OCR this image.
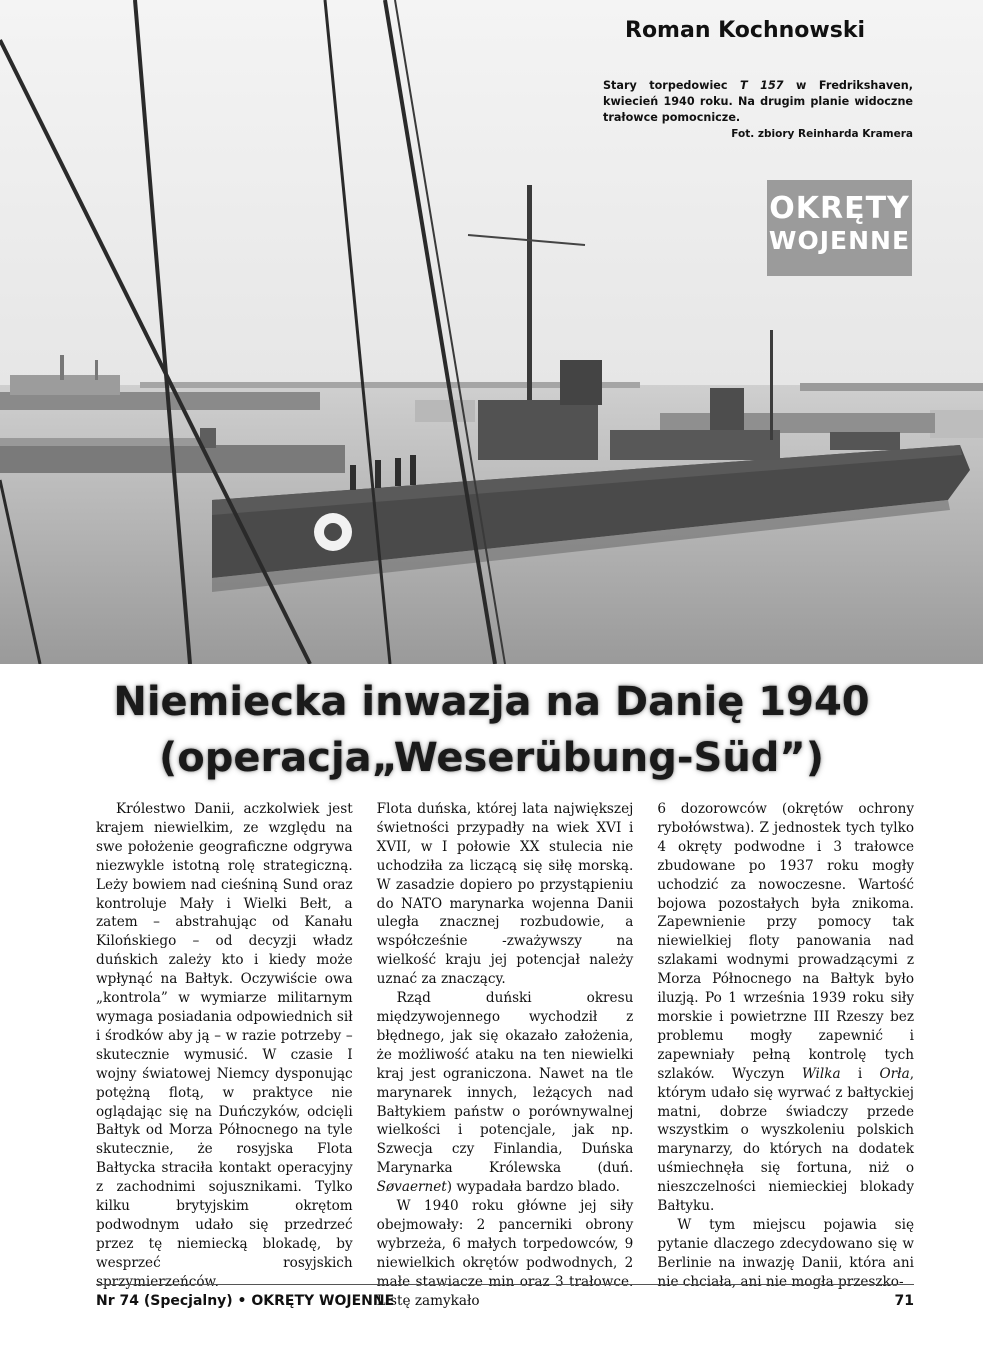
Roman Kochnowski
Stary torpedowiec T 157 w Fredrikshaven, kwiecień 1940 roku. Na drugim planie widoczne trałowce pomocnicze.
Fot. zbiory Reinharda Kramera
OKRĘTY
WOJENNE
Niemiecka inwazja na Danię 1940
(operacja„Weserübung-Süd”)

Królestwo Danii, aczkolwiek jest krajem niewielkim, ze względu na swe położenie geograficzne odgrywa niezwykle istotną rolę strategiczną. Leży bowiem nad cieśniną Sund oraz kontroluje Mały i Wielki Bełt, a zatem – abstrahując od Kanału Kilońskiego – od decyzji władz duńskich zależy kto i kiedy może wpłynąć na Bałtyk. Oczywiście owa „kontrola” w wymiarze militarnym wymaga posiadania odpowiednich sił i środków aby ją – w razie potrzeby – skutecznie wymusić. W czasie I wojny światowej Niemcy dysponując potężną flotą, w praktyce nie oglądając się na Duńczyków, odcięli Bałtyk od Morza Północnego na tyle skutecznie, że rosyjska Flota Bałtycka straciła kontakt operacyjny z zachodnimi sojusznikami. Tylko kilku brytyjskim okrętom podwodnym udało się przedrzeć przez tę niemiecką blokadę, by wesprzeć rosyjskich sprzymierzeńców.

Flota duńska, której lata największej świetności przypadły na wiek XVI i XVII, w I połowie XX stulecia nie uchodziła za liczącą się siłę morską. W zasadzie dopiero po przystąpieniu do NATO marynarka wojenna Danii uległa znacznej rozbudowie, a współcześnie -zważywszy na wielkość kraju jej potencjał należy uznać za znaczący.

Rząd duński okresu międzywojennego wychodził z błędnego, jak się okazało założenia, że możliwość ataku na ten niewielki kraj jest ograniczona. Nawet na tle marynarek innych, leżących nad Bałtykiem państw o porównywalnej wielkości i potencjale, jak np. Szwecja czy Finlandia, Duńska Marynarka Królewska (duń. Søvaernet) wypadała bardzo blado.

W 1940 roku główne jej siły obejmowały: 2 pancerniki obrony wybrzeża, 6 małych torpedowców, 9 niewielkich okrętów podwodnych, 2 małe stawiacze min oraz 3 trałowce. Listę zamykało

6 dozorowców (okrętów ochrony rybołówstwa). Z jednostek tych tylko 4 okręty podwodne i 3 trałowce zbudowane po 1937 roku mogły uchodzić za nowoczesne. Wartość bojowa pozostałych była znikoma. Zapewnienie przy pomocy tak niewielkiej floty panowania nad szlakami wodnymi prowadzącymi z Morza Północnego na Bałtyk było iluzją. Po 1 września 1939 roku siły morskie i powietrzne III Rzeszy bez problemu mogły zapewnić i zapewniały pełną kontrolę tych szlaków. Wyczyn Wilka i Orła, którym udało się wyrwać z bałtyckiej matni, dobrze świadczy przede wszystkim o wyszkoleniu polskich marynarzy, do których na dodatek uśmiechnęła się fortuna, niż o nieszczelności niemieckiej blokady Bałtyku.

W tym miejscu pojawia się pytanie dlaczego zdecydowano się w Berlinie na inwazję Danii, która ani nie chciała, ani nie mogła przeszko-

Nr 74 (Specjalny) • OKRĘTY WOJENNE	71
